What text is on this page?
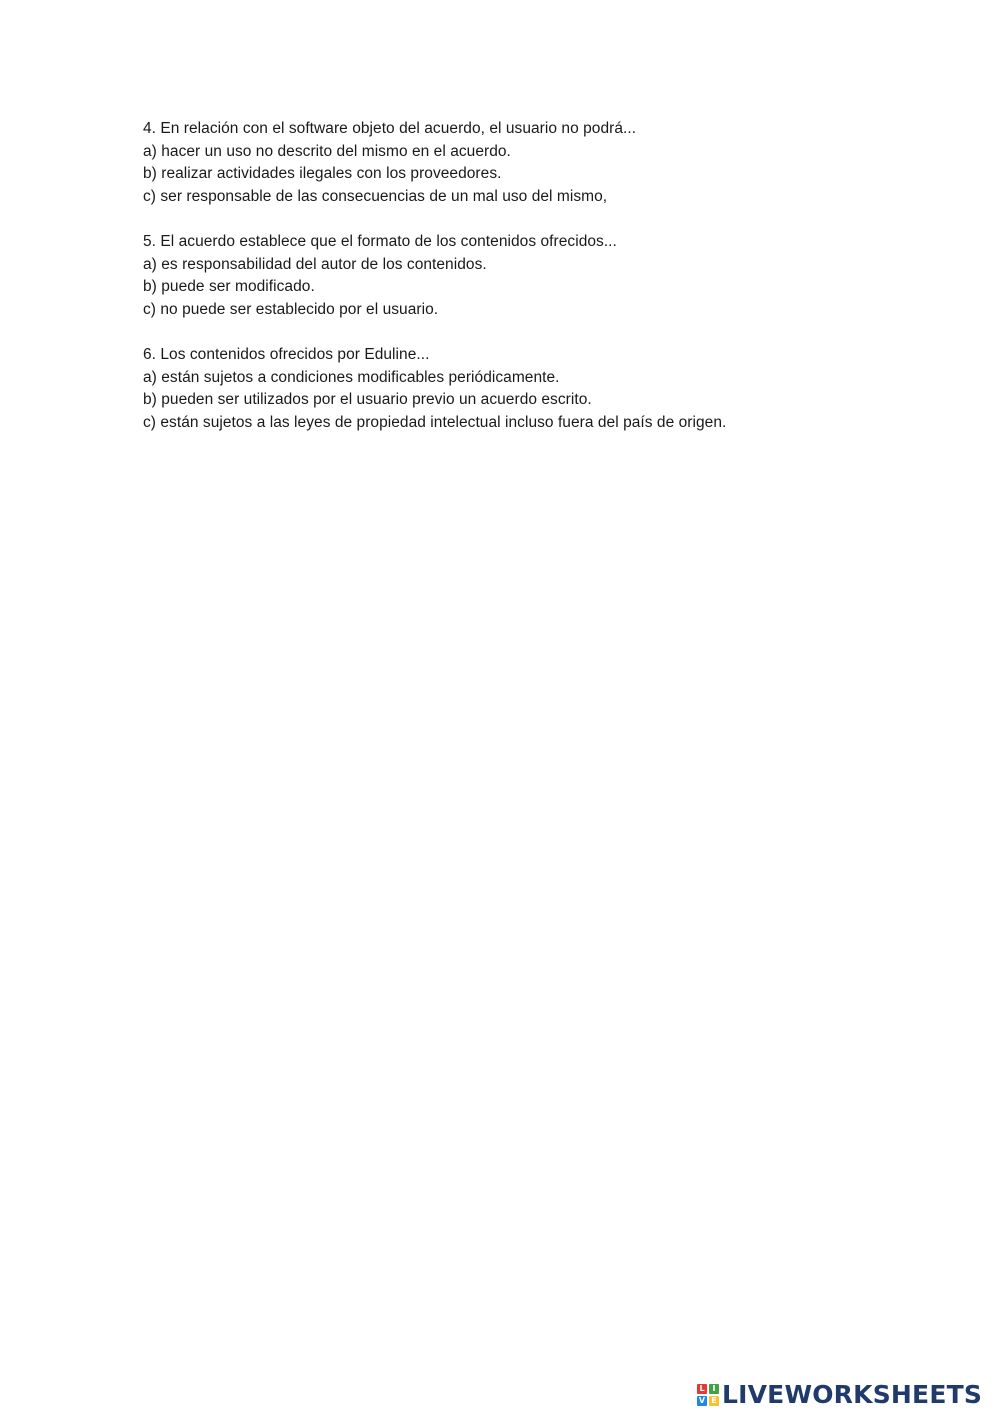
4. En relación con el software objeto del acuerdo, el usuario no podrá...
a) hacer un uso no descrito del mismo en el acuerdo.
b) realizar actividades ilegales con los proveedores.
c) ser responsable de las consecuencias de un mal uso del mismo,
5. El acuerdo establece que el formato de los contenidos ofrecidos...
a) es responsabilidad del autor de los contenidos.
b) puede ser modificado.
c) no puede ser establecido por el usuario.
6. Los contenidos ofrecidos por Eduline...
a) están sujetos a condiciones modificables periódicamente.
b) pueden ser utilizados por el usuario previo un acuerdo escrito.
c) están sujetos a las leyes de propiedad intelectual incluso fuera del país de origen.
L I
V E LIVEWORKSHEETS
